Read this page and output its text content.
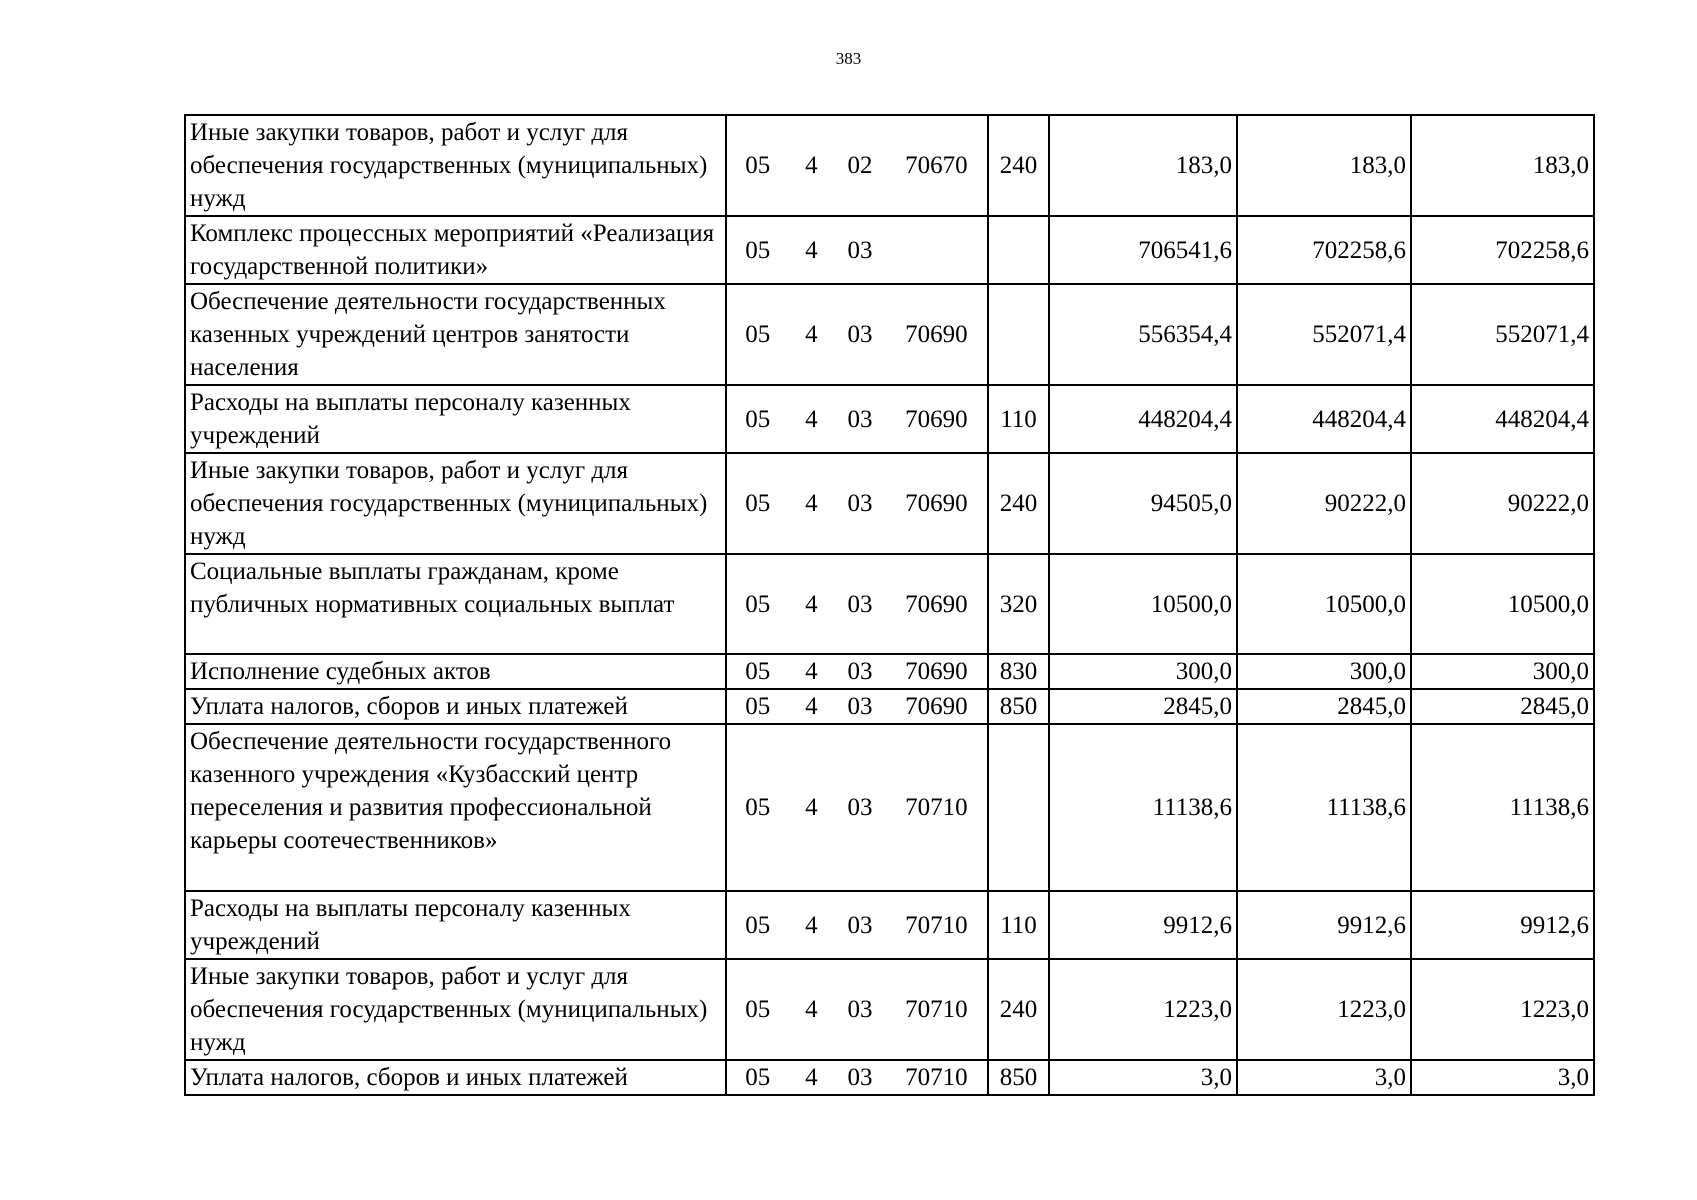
383
Иные закупки товаров, работ и услуг для обеспечения государственных (муниципальных) нужд	05 4 02 70670	240	183,0	183,0	183,0
Комплекс процессных мероприятий «Реализация государственной политики»	05 4 03		706541,6	702258,6	702258,6
Обеспечение деятельности государственных казенных учреждений центров занятости населения	05 4 03 70690		556354,4	552071,4	552071,4
Расходы на выплаты персоналу казенных учреждений	05 4 03 70690	110	448204,4	448204,4	448204,4
Иные закупки товаров, работ и услуг для обеспечения государственных (муниципальных) нужд	05 4 03 70690	240	94505,0	90222,0	90222,0
Социальные выплаты гражданам, кроме публичных нормативных социальных выплат	05 4 03 70690	320	10500,0	10500,0	10500,0
Исполнение судебных актов	05 4 03 70690	830	300,0	300,0	300,0
Уплата налогов, сборов и иных платежей	05 4 03 70690	850	2845,0	2845,0	2845,0
Обеспечение деятельности государственного казенного учреждения «Кузбасский центр переселения и развития профессиональной карьеры соотечественников»	05 4 03 70710		11138,6	11138,6	11138,6
Расходы на выплаты персоналу казенных учреждений	05 4 03 70710	110	9912,6	9912,6	9912,6
Иные закупки товаров, работ и услуг для обеспечения государственных (муниципальных) нужд	05 4 03 70710	240	1223,0	1223,0	1223,0
Уплата налогов, сборов и иных платежей	05 4 03 70710	850	3,0	3,0	3,0
